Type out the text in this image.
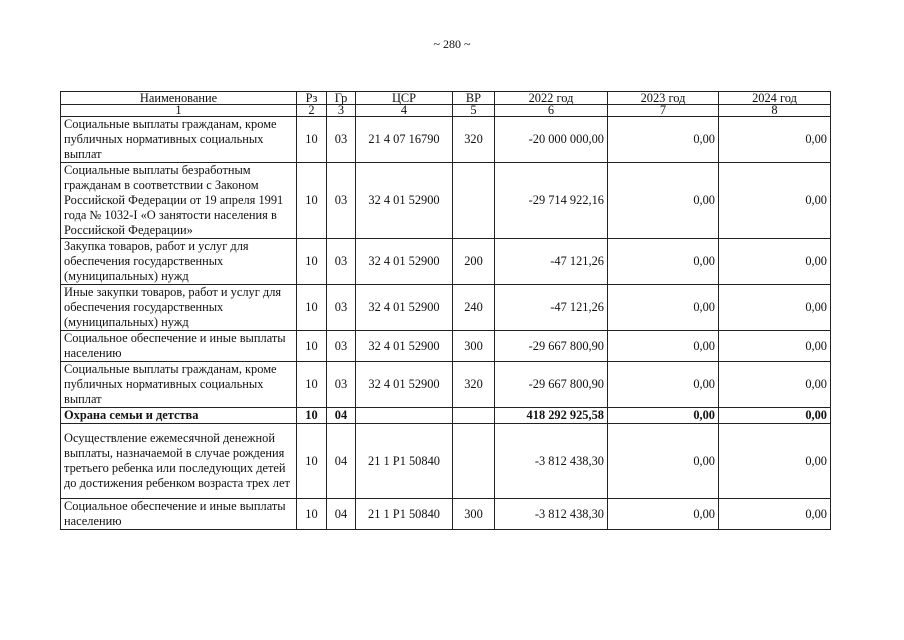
~ 280 ~
Наименование	Рз	Гр	ЦСР	ВР	2022 год	2023 год	2024 год
1	2	3	4	5	6	7	8
Социальные выплаты гражданам, кроме публичных нормативных социальных выплат	10	03	21 4 07 16790	320	-20 000 000,00	0,00	0,00
Социальные выплаты безработным гражданам в соответствии с Законом Российской Федерации от 19 апреля 1991 года № 1032-I «О занятости населения в Российской Федерации»	10	03	32 4 01 52900		-29 714 922,16	0,00	0,00
Закупка товаров, работ и услуг для обеспечения государственных (муниципальных) нужд	10	03	32 4 01 52900	200	-47 121,26	0,00	0,00
Иные закупки товаров, работ и услуг для обеспечения государственных (муниципальных) нужд	10	03	32 4 01 52900	240	-47 121,26	0,00	0,00
Социальное обеспечение и иные выплаты населению	10	03	32 4 01 52900	300	-29 667 800,90	0,00	0,00
Социальные выплаты гражданам, кроме публичных нормативных социальных выплат	10	03	32 4 01 52900	320	-29 667 800,90	0,00	0,00
Охрана семьи и детства	10	04			418 292 925,58	0,00	0,00
Осуществление ежемесячной денежной выплаты, назначаемой в случае рождения третьего ребенка или последующих детей до достижения ребенком возраста трех лет	10	04	21 1 P1 50840		-3 812 438,30	0,00	0,00
Социальное обеспечение и иные выплаты населению	10	04	21 1 P1 50840	300	-3 812 438,30	0,00	0,00
